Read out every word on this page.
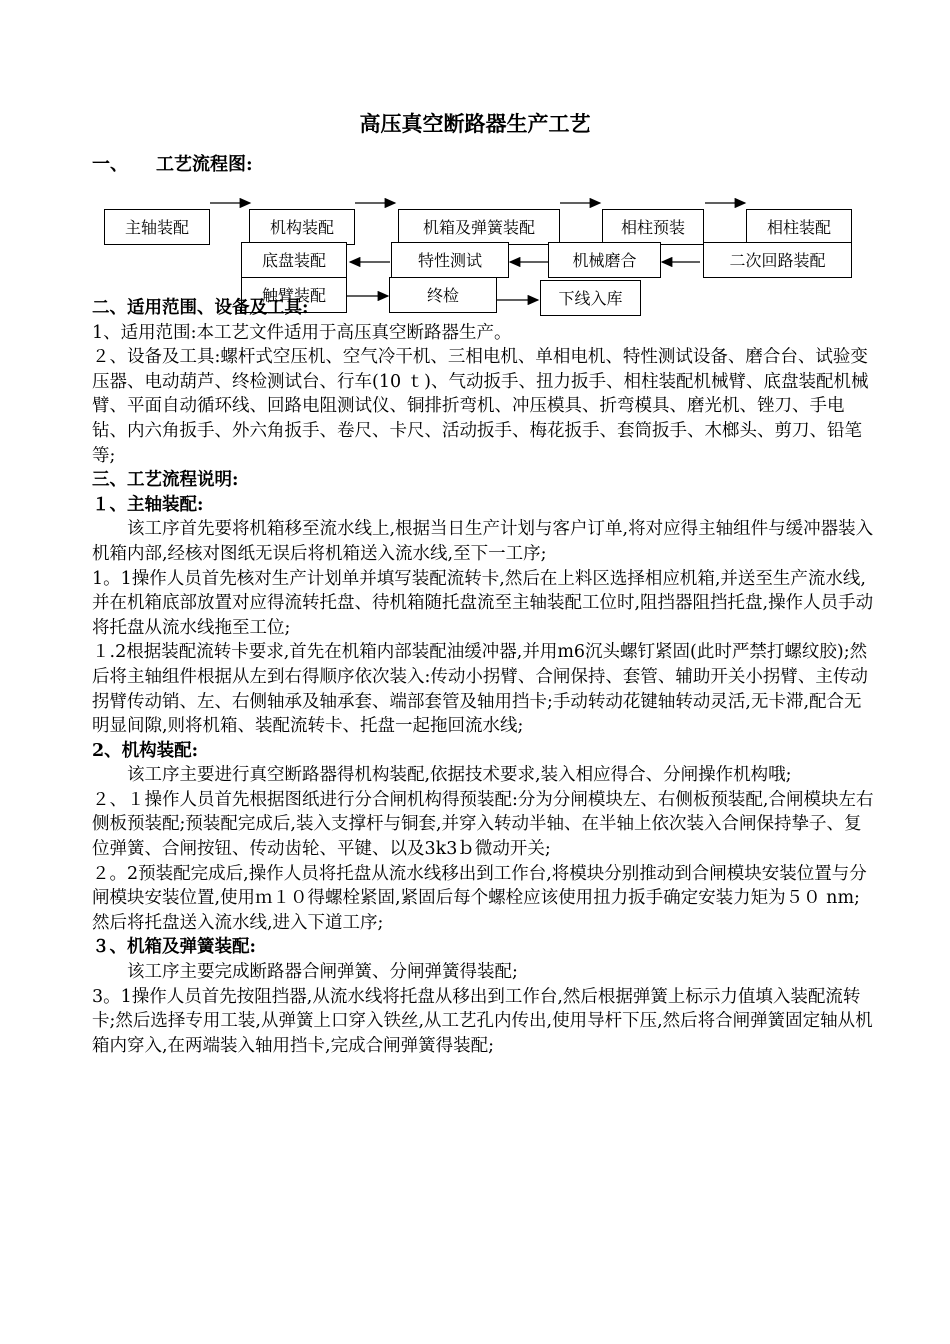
高压真空断路器生产工艺
一、 工艺流程图:
主轴装配	机构装配	机箱及弹簧装配	相柱预装	相柱装配
底盘装配	特性测试	机械磨合	二次回路装配
触臂装配	终检	下线入库

二、适用范围、设备及工具:

1、适用范围:本工艺文件适用于高压真空断路器生产。

２、设备及工具:螺杆式空压机、空气冷干机、三相电机、单相电机、特性测试设备、磨合台、试验变压器、电动葫芦、终检测试台、行车(10 ｔ)、气动扳手、扭力扳手、相柱装配机械臂、底盘装配机械臂、平面自动循环线、回路电阻测试仪、铜排折弯机、冲压模具、折弯模具、磨光机、锉刀、手电钻、内六角扳手、外六角扳手、卷尺、卡尺、活动扳手、梅花扳手、套筒扳手、木榔头、剪刀、铅笔等;

三、工艺流程说明:

１、主轴装配:

该工序首先要将机箱移至流水线上,根据当日生产计划与客户订单,将对应得主轴组件与缓冲器装入机箱内部,经核对图纸无误后将机箱送入流水线,至下一工序;

1。1操作人员首先核对生产计划单并填写装配流转卡,然后在上料区选择相应机箱,并送至生产流水线,并在机箱底部放置对应得流转托盘、待机箱随托盘流至主轴装配工位时,阻挡器阻挡托盘,操作人员手动将托盘从流水线拖至工位;

１.2根据装配流转卡要求,首先在机箱内部装配油缓冲器,并用m6沉头螺钉紧固(此时严禁打螺纹胶);然后将主轴组件根据从左到右得顺序依次装入:传动小拐臂、合闸保持、套管、辅助开关小拐臂、主传动拐臂传动销、左、右侧轴承及轴承套、端部套管及轴用挡卡;手动转动花键轴转动灵活,无卡滞,配合无明显间隙,则将机箱、装配流转卡、托盘一起拖回流水线;

2、机构装配:

该工序主要进行真空断路器得机构装配,依据技术要求,装入相应得合、分闸操作机构哦;

２、１操作人员首先根据图纸进行分合闸机构得预装配:分为分闸模块左、右侧板预装配,合闸模块左右侧板预装配;预装配完成后,装入支撑杆与铜套,并穿入转动半轴、在半轴上依次装入合闸保持挚子、复位弹簧、合闸按钮、传动齿轮、平键、以及3k3ｂ微动开关;

２。2预装配完成后,操作人员将托盘从流水线移出到工作台,将模块分别推动到合闸模块安装位置与分闸模块安装位置,使用ｍ１０得螺栓紧固,紧固后每个螺栓应该使用扭力扳手确定安装力矩为５０ nm;然后将托盘送入流水线,进入下道工序;

３、机箱及弹簧装配:

该工序主要完成断路器合闸弹簧、分闸弹簧得装配;

3。1操作人员首先按阻挡器,从流水线将托盘从移出到工作台,然后根据弹簧上标示力值填入装配流转卡;然后选择专用工装,从弹簧上口穿入铁丝,从工艺孔内传出,使用导杆下压,然后将合闸弹簧固定轴从机箱内穿入,在两端装入轴用挡卡,完成合闸弹簧得装配;
